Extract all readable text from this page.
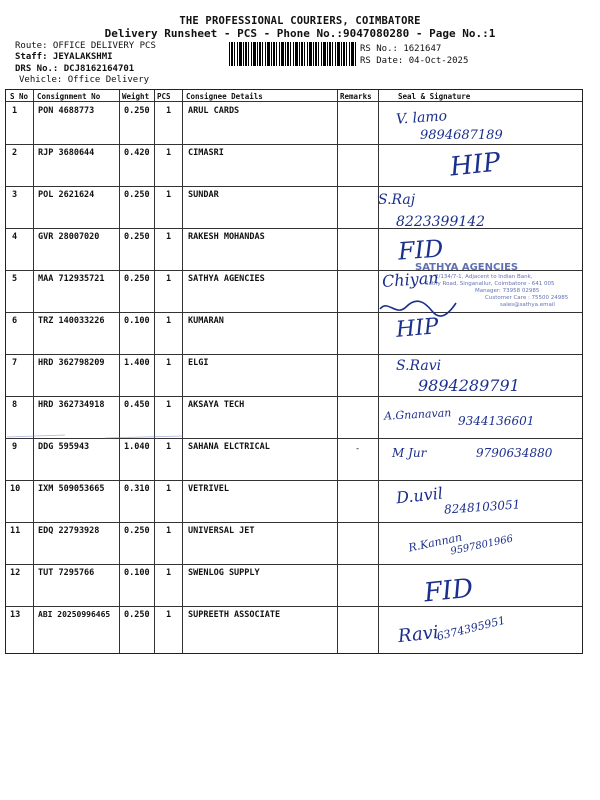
THE PROFESSIONAL COURIERS, COIMBATORE
Delivery Runsheet - PCS - Phone No.:9047080280 - Page No.:1
Route: OFFICE DELIVERY PCS
Staff: JEYALAKSHMI
DRS No.: DCJ8162164701
Vehicle: Office Delivery
RS No.: 1621647
RS Date: 04-Oct-2025
S No Consignment No	Weight PCS Consignee Details	Remarks	Seal & Signature
1 PON 4688773	0.250 1 ARUL CARDS
2 RJP 3680644	0.420 1 CIMASRI
3 POL 2621624	0.250 1 SUNDAR
4 GVR 28007020	0.250 1 RAKESH MOHANDAS
5 MAA 712935721 0.250 1 SATHYA AGENCIES
6 TRZ 140033226 0.100 1 KUMARAN
7 HRD 362798209 1.400 1 ELGI
8 HRD 362734918 0.450 1 AKSAYA TECH
9 DDG 595943	1.040 1 SAHANA ELCTRICAL	-
10 IXM 509053665 0.310 1 VETRIVEL
11 EDQ 22793928	0.250 1 UNIVERSAL JET
12 TUT 7295766	0.100 1 SWENLOG SUPPLY
13 ABI 20250996465 0.250 1 SUPREETH ASSOCIATE
V. lamo
9894687189
HIP
S.Raj
8223399142
FID
SATHYA AGENCIES
2/134/7-1, Adjacent to Indian Bank,
Sathy Road, Singanallur, Coimbatore - 641 005
Manager: 73958 02985
Customer Care : 75500 24985
sales@sathya.email
Chiyan
HIP
S.Ravi
9894289791
A.Gnanavan 9344136601
M Jur	9790634880
D.uvil 8248103051
R.Kannan
9597801966
FID
Ravi
6374395951
